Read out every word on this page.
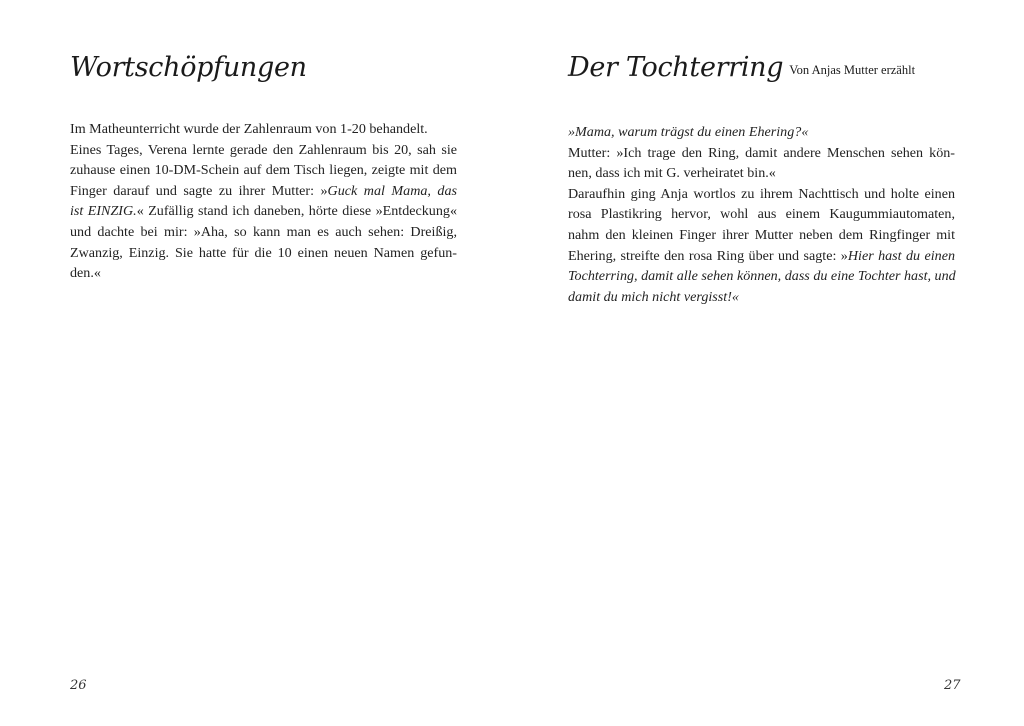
Wortschöpfungen
Im Matheunterricht wurde der Zahlenraum von 1-20 behandelt.
Eines Tages, Verena lernte gerade den Zahlenraum bis 20, sah sie
zuhause einen 10-DM-Schein auf dem Tisch liegen, zeigte mit dem
Finger darauf und sagte zu ihrer Mutter: »Guck mal Mama, das
ist EINZIG.« Zufällig stand ich daneben, hörte diese »Entdeckung«
und dachte bei mir: »Aha, so kann man es auch sehen: Dreißig,
Zwanzig, Einzig. Sie hatte für die 10 einen neuen Namen gefun-
den.«
26
Der Tochterring Von Anjas Mutter erzählt
»Mama, warum trägst du einen Ehering?«
Mutter: »Ich trage den Ring, damit andere Menschen sehen kön-
nen, dass ich mit G. verheiratet bin.«
Daraufhin ging Anja wortlos zu ihrem Nachttisch und holte einen
rosa Plastikring hervor, wohl aus einem Kaugummiautomaten,
nahm den kleinen Finger ihrer Mutter neben dem Ringfinger mit
Ehering, streifte den rosa Ring über und sagte: »Hier hast du einen
Tochterring, damit alle sehen können, dass du eine Tochter hast, und
damit du mich nicht vergisst!«
27
